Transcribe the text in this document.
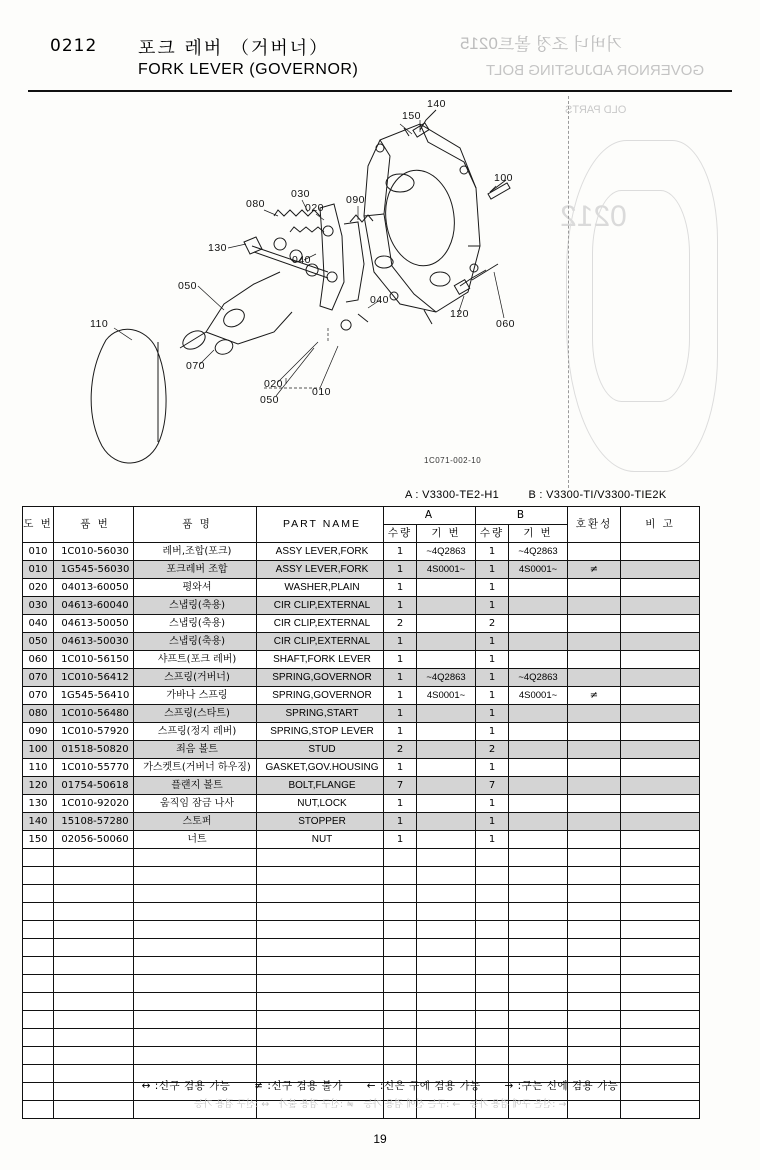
0215 거버너 조정 볼트
GOVERNOR ADJUSTING BOLT
OLD PARTS
0212
0212 포크 레버 （거버너）
FORK LEVER (GOVERNOR)
150
140
100
080
030
020
090
130
040
050
040
120
060
110
070
020
010
050
1C071-002-10
A : V3300-TE2-H1	B : V3300-TI/V3300-TIE2K
도 번	품 번	품 명	PART NAME	A		B		호환성	비 고
				수량	기 번	수량	기 번		
010	1C010-56030	레버,조합(포크)	ASSY LEVER,FORK	1	~4Q2863	1	~4Q2863		
010	1G545-56030	포크레버 조합	ASSY LEVER,FORK	1	4S0001~	1	4S0001~	≠	
020	04013-60050	평와셔	WASHER,PLAIN	1		1			
030	04613-60040	스냅링(축용)	CIR CLIP,EXTERNAL	1		1			
040	04613-50050	스냅링(축용)	CIR CLIP,EXTERNAL	2		2			
050	04613-50030	스냅링(축용)	CIR CLIP,EXTERNAL	1		1			
060	1C010-56150	샤프트(포크 레버)	SHAFT,FORK LEVER	1		1			
070	1C010-56412	스프링(거버너)	SPRING,GOVERNOR	1	~4Q2863	1	~4Q2863		
070	1G545-56410	가바나 스프링	SPRING,GOVERNOR	1	4S0001~	1	4S0001~	≠	
080	1C010-56480	스프링(스타트)	SPRING,START	1		1			
090	1C010-57920	스프링(정지 레버)	SPRING,STOP LEVER	1		1			
100	01518-50820	죄음 볼트	STUD	2		2			
110	1C010-55770	가스켓트(거버너 하우징)	GASKET,GOV.HOUSING	1		1			
120	01754-50618	플랜지 볼트	BOLT,FLANGE	7		7			
130	1C010-92020	움직임 잠금 나사	NUT,LOCK	1		1			
140	15108-57280	스토퍼	STOPPER	1		1			
150	02056-50060	너트	NUT	1		1			

↔ :신구 겸용 가능 ≠ :신구 겸용 불가 ← :신은 구에 겸용 가능 → :구는 신에 겸용 가능
← :신은 구에 겸용 가능　→ :구는 신에 겸용 가능　≠ :신구 겸용 불가　↔ :신구 겸용 가능
19
